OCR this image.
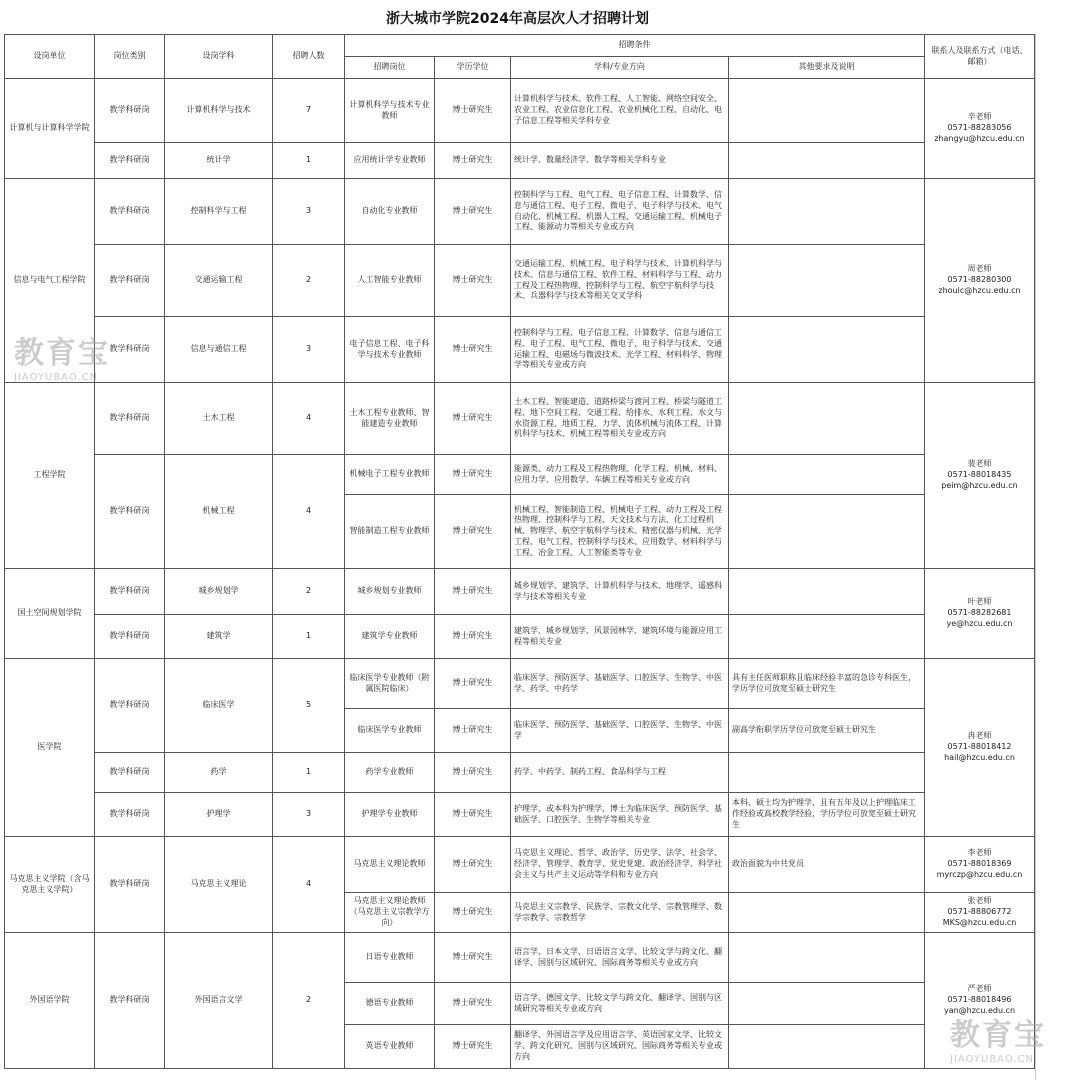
浙大城市学院2024年高层次人才招聘计划
设岗单位	岗位类别	设岗学科	招聘人数	招聘条件				联系人及联系方式（电话、邮箱）
				招聘岗位	学历学位	学科/专业方向	其他要求及说明	
计算机与计算科学学院	教学科研岗	计算机科学与技术	7	计算机科学与技术专业教师	博士研究生	计算机科学与技术、软件工程、人工智能、网络空间安全、农业工程、农业信息化工程、农业机械化工程、自动化、电子信息工程等相关学科专业		辛老师
0571-88283056
zhangyu@hzcu.edu.cn
	教学科研岗	统计学	1	应用统计学专业教师	博士研究生	统计学、数量经济学、数学等相关学科专业		
信息与电气工程学院	教学科研岗	控制科学与工程	3	自动化专业教师	博士研究生	控制科学与工程、电气工程、电子信息工程、计算数学、信息与通信工程、电子工程、微电子、电子科学与技术、电气自动化、机械工程、机器人工程、交通运输工程、机械电子工程、能源动力等相关专业或方向		周老师
0571-88280300
zhoulc@hzcu.edu.cn
	教学科研岗	交通运输工程	2	人工智能专业教师	博士研究生	交通运输工程、机械工程、电子科学与技术、计算机科学与技术、信息与通信工程、软件工程、材料科学与工程、动力工程及工程热物理、控制科学与工程、航空宇航科学与技术、兵器科学与技术等相关交叉学科		
	教学科研岗	信息与通信工程	3	电子信息工程、电子科学与技术专业教师	博士研究生	控制科学与工程、电子信息工程、计算数学、信息与通信工程、电子工程、电气工程、微电子、电子科学与技术、交通运输工程、电磁场与微波技术、光学工程、材料科学、物理学等相关专业或方向		
工程学院	教学科研岗	土木工程	4	土木工程专业教师、智能建造专业教师	博士研究生	土木工程、智能建造、道路桥梁与渡河工程、桥梁与隧道工程、地下空间工程、交通工程、给排水、水利工程、水文与水资源工程、地质工程、力学、流体机械与流体工程、计算机科学与技术、机械工程等相关专业或方向		裴老师
0571-88018435
peim@hzcu.edu.cn
	教学科研岗	机械工程	4	机械电子工程专业教师	博士研究生	能源类、动力工程及工程热物理、化学工程、机械、材料、应用力学、应用数学、车辆工程等相关专业或方向		
				智能制造工程专业教师	博士研究生	机械工程、智能制造工程、机械电子工程、动力工程及工程热物理、控制科学与工程、天文技术与方法、化工过程机械、物理学、航空宇航科学与技术、精密仪器与机械、光学工程、电气工程、控制科学与技术、应用数学、材料科学与工程、冶金工程、人工智能类等专业		
国土空间规划学院	教学科研岗	城乡规划学	2	城乡规划专业教师	博士研究生	城乡规划学、建筑学、计算机科学与技术、地理学、遥感科学与技术等相关专业		叶老师
0571-88282681
ye@hzcu.edu.cn
	教学科研岗	建筑学	1	建筑学专业教师	博士研究生	建筑学、城乡规划学、风景园林学、建筑环境与能源应用工程等相关专业		
医学院	教学科研岗	临床医学	5	临床医学专业教师（附属医院临床）	博士研究生	临床医学、预防医学、基础医学、口腔医学、生物学、中医学、药学、中药学	具有主任医师职称且临床经验丰富的急诊专科医生，学历学位可放宽至硕士研究生	冉老师
0571-88018412
hail@hzcu.edu.cn
				临床医学专业教师	博士研究生	临床医学、预防医学、基础医学、口腔医学、生物学、中医学	副高学衔职学历学位可放宽至硕士研究生	
	教学科研岗	药学	1	药学专业教师	博士研究生	药学、中药学、制药工程、食品科学与工程		
	教学科研岗	护理学	3	护理学专业教师	博士研究生	护理学、或本科为护理学，博士为临床医学、预防医学、基础医学、口腔医学、生物学等相关专业	本科、硕士均为护理学，且有五年及以上护理临床工作经验或高校教学经验，学历学位可放宽至硕士研究生	
马克思主义学院（含马克思主义学院）	教学科研岗	马克思主义理论	4	马克思主义理论教师	博士研究生	马克思主义理论、哲学、政治学、历史学、法学、社会学、经济学、管理学、教育学、党史党建、政治经济学、科学社会主义与共产主义运动等学科和专业方向	政治面貌为中共党员	李老师
0571-88018369
myrczp@hzcu.edu.cn
				马克思主义理论教师（马克思主义宗教学方向）	博士研究生	马克思主义宗教学、民族学、宗教文化学、宗教管理学、数学宗教学、宗教哲学		张老师
0571-88806772
MKS@hzcu.edu.cn
外国语学院	教学科研岗	外国语言文学	2	日语专业教师	博士研究生	语言学、日本文学、日语语言文学、比较文学与跨文化、翻译学、国别与区域研究、国际商务等相关专业或方向		严老师
0571-88018496
yan@hzcu.edu.cn
				德语专业教师	博士研究生	语言学、德国文学、比较文学与跨文化、翻译学、国别与区域研究等相关专业或方向		
				英语专业教师	博士研究生	翻译学、外国语言学及应用语言学、英语国家文学、比较文学、跨文化研究、国别与区域研究、国际商务等相关专业或方向		
教育宝
JIAOYUBAO.CN
教育宝
JIAOYUBAO.CN
